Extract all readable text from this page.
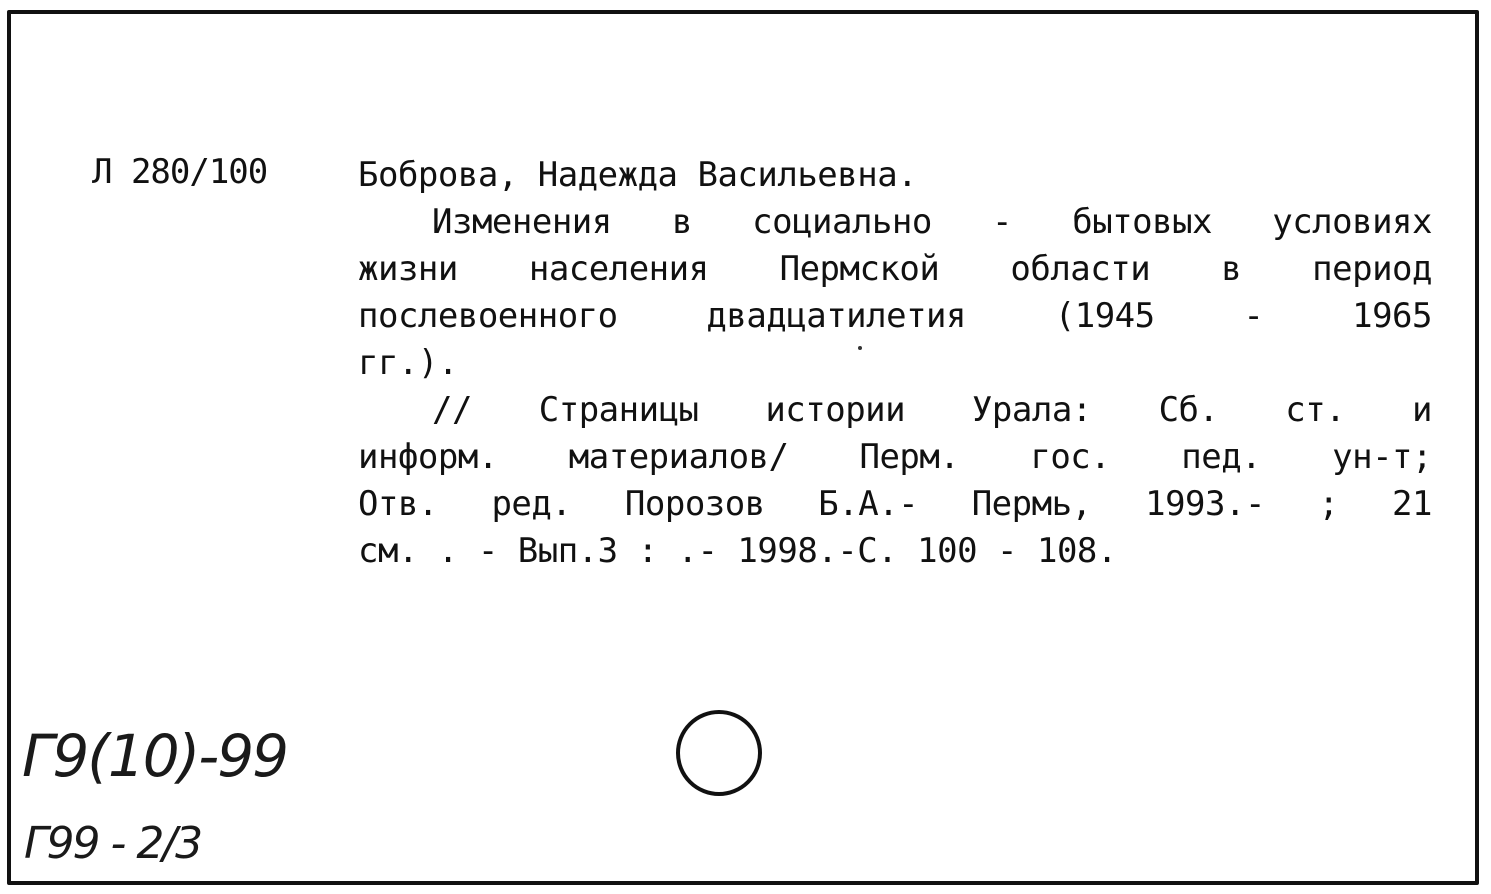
Л 280/100	Боброва, Надежда Васильевна.
Изменения в социально - бытовых условиях
жизни населения Пермской области в период
послевоенного двадцатилетия (1945 - 1965
гг.).
// Страницы истории Урала: Сб. ст. и
информ. материалов/ Перм. гос. пед. ун-т;
Отв. ред. Порозов Б.А.- Пермь, 1993.- ; 21
см. . - Вып.3 : .- 1998.-С. 100 - 108.
Г9(10)-99
Г99 - 2/3
